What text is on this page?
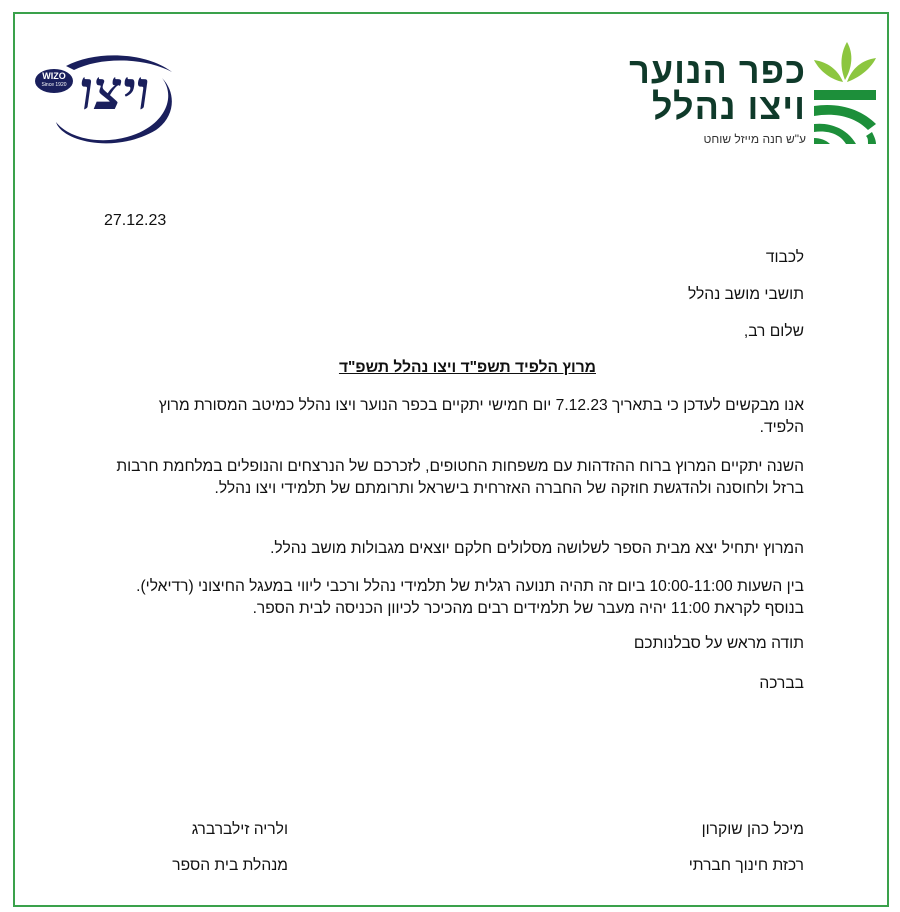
כפר הנוער
ויצו נהלל
ע"ש חנה מייזל שוחט
WIZO
Since 1920 ויצו
27.12.23
לכבוד
תושבי מושב נהלל
שלום רב,
מרוץ הלפיד תשפ"ד ויצו נהלל תשפ"ד
אנו מבקשים לעדכן כי בתאריך 7.12.23 יום חמישי יתקיים בכפר הנוער ויצו נהלל כמיטב המסורת מרוץ הלפיד.
השנה יתקיים המרוץ ברוח ההזדהות עם משפחות החטופים, לזכרכם של הנרצחים והנופלים במלחמת חרבות ברזל ולחוסנה ולהדגשת חוזקה של החברה האזרחית בישראל ותרומתם של תלמידי ויצו נהלל.
המרוץ יתחיל יצא מבית הספר לשלושה מסלולים חלקם יוצאים מגבולות מושב נהלל.
בין השעות 10:00-11:00 ביום זה תהיה תנועה רגלית של תלמידי נהלל ורכבי ליווי במעגל החיצוני (רדיאלי). בנוסף לקראת 11:00 יהיה מעבר של תלמידים רבים מהכיכר לכיוון הכניסה לבית הספר.
תודה מראש על סבלנותכם
בברכה
מיכל כהן שוקרון
רכזת חינוך חברתי
ולריה זילברברג
מנהלת בית הספר
